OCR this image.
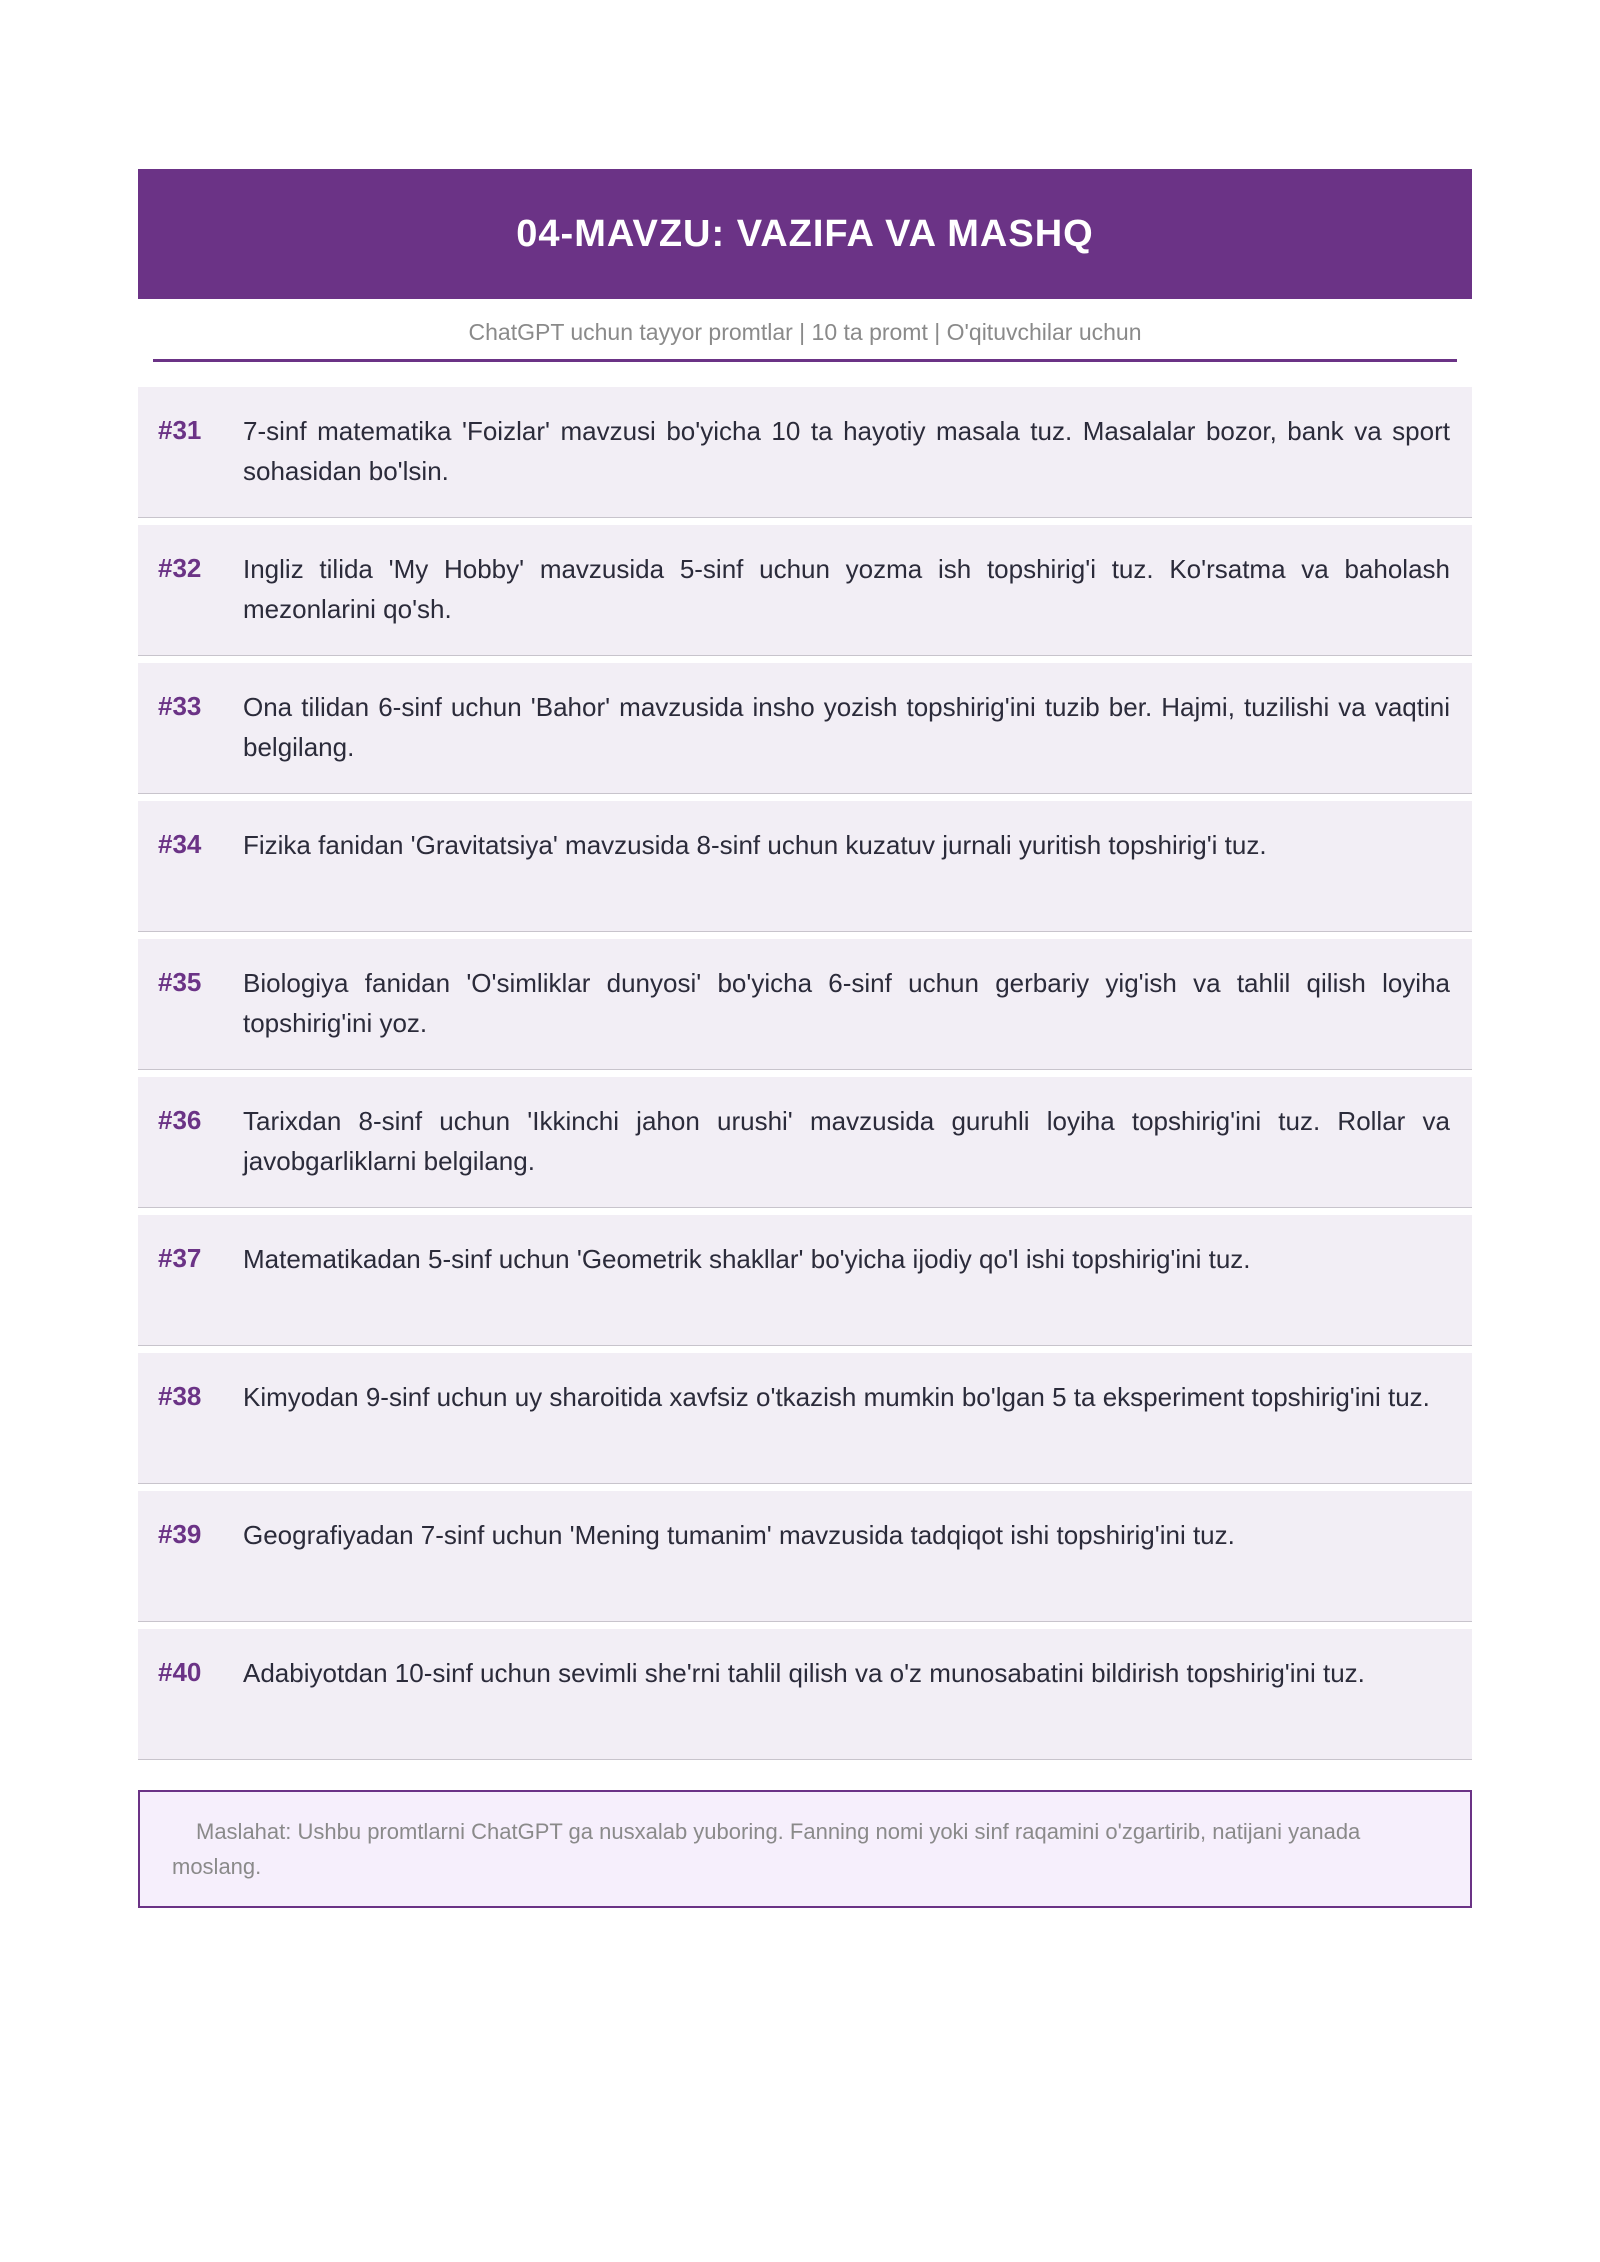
04-MAVZU: VAZIFA VA MASHQ
ChatGPT uchun tayyor promtlar | 10 ta promt | O'qituvchilar uchun
#31	7-sinf matematika 'Foizlar' mavzusi bo'yicha 10 ta hayotiy masala tuz. Masalalar bozor, bank va sport sohasidan bo'lsin.
#32	Ingliz tilida 'My Hobby' mavzusida 5-sinf uchun yozma ish topshirig'i tuz. Ko'rsatma va baholash mezonlarini qo'sh.
#33	Ona tilidan 6-sinf uchun 'Bahor' mavzusida insho yozish topshirig'ini tuzib ber. Hajmi, tuzilishi va vaqtini belgilang.
#34	Fizika fanidan 'Gravitatsiya' mavzusida 8-sinf uchun kuzatuv jurnali yuritish topshirig'i tuz.
#35	Biologiya fanidan 'O'simliklar dunyosi' bo'yicha 6-sinf uchun gerbariy yig'ish va tahlil qilish loyiha topshirig'ini yoz.
#36	Tarixdan 8-sinf uchun 'Ikkinchi jahon urushi' mavzusida guruhli loyiha topshirig'ini tuz. Rollar va javobgarliklarni belgilang.
#37	Matematikadan 5-sinf uchun 'Geometrik shakllar' bo'yicha ijodiy qo'l ishi topshirig'ini tuz.
#38	Kimyodan 9-sinf uchun uy sharoitida xavfsiz o'tkazish mumkin bo'lgan 5 ta eksperiment topshirig'ini tuz.
#39	Geografiyadan 7-sinf uchun 'Mening tumanim' mavzusida tadqiqot ishi topshirig'ini tuz.
#40	Adabiyotdan 10-sinf uchun sevimli she'rni tahlil qilish va o'z munosabatini bildirish topshirig'ini tuz.
Maslahat: Ushbu promtlarni ChatGPT ga nusxalab yuboring. Fanning nomi yoki sinf raqamini o'zgartirib, natijani yanada moslang.
